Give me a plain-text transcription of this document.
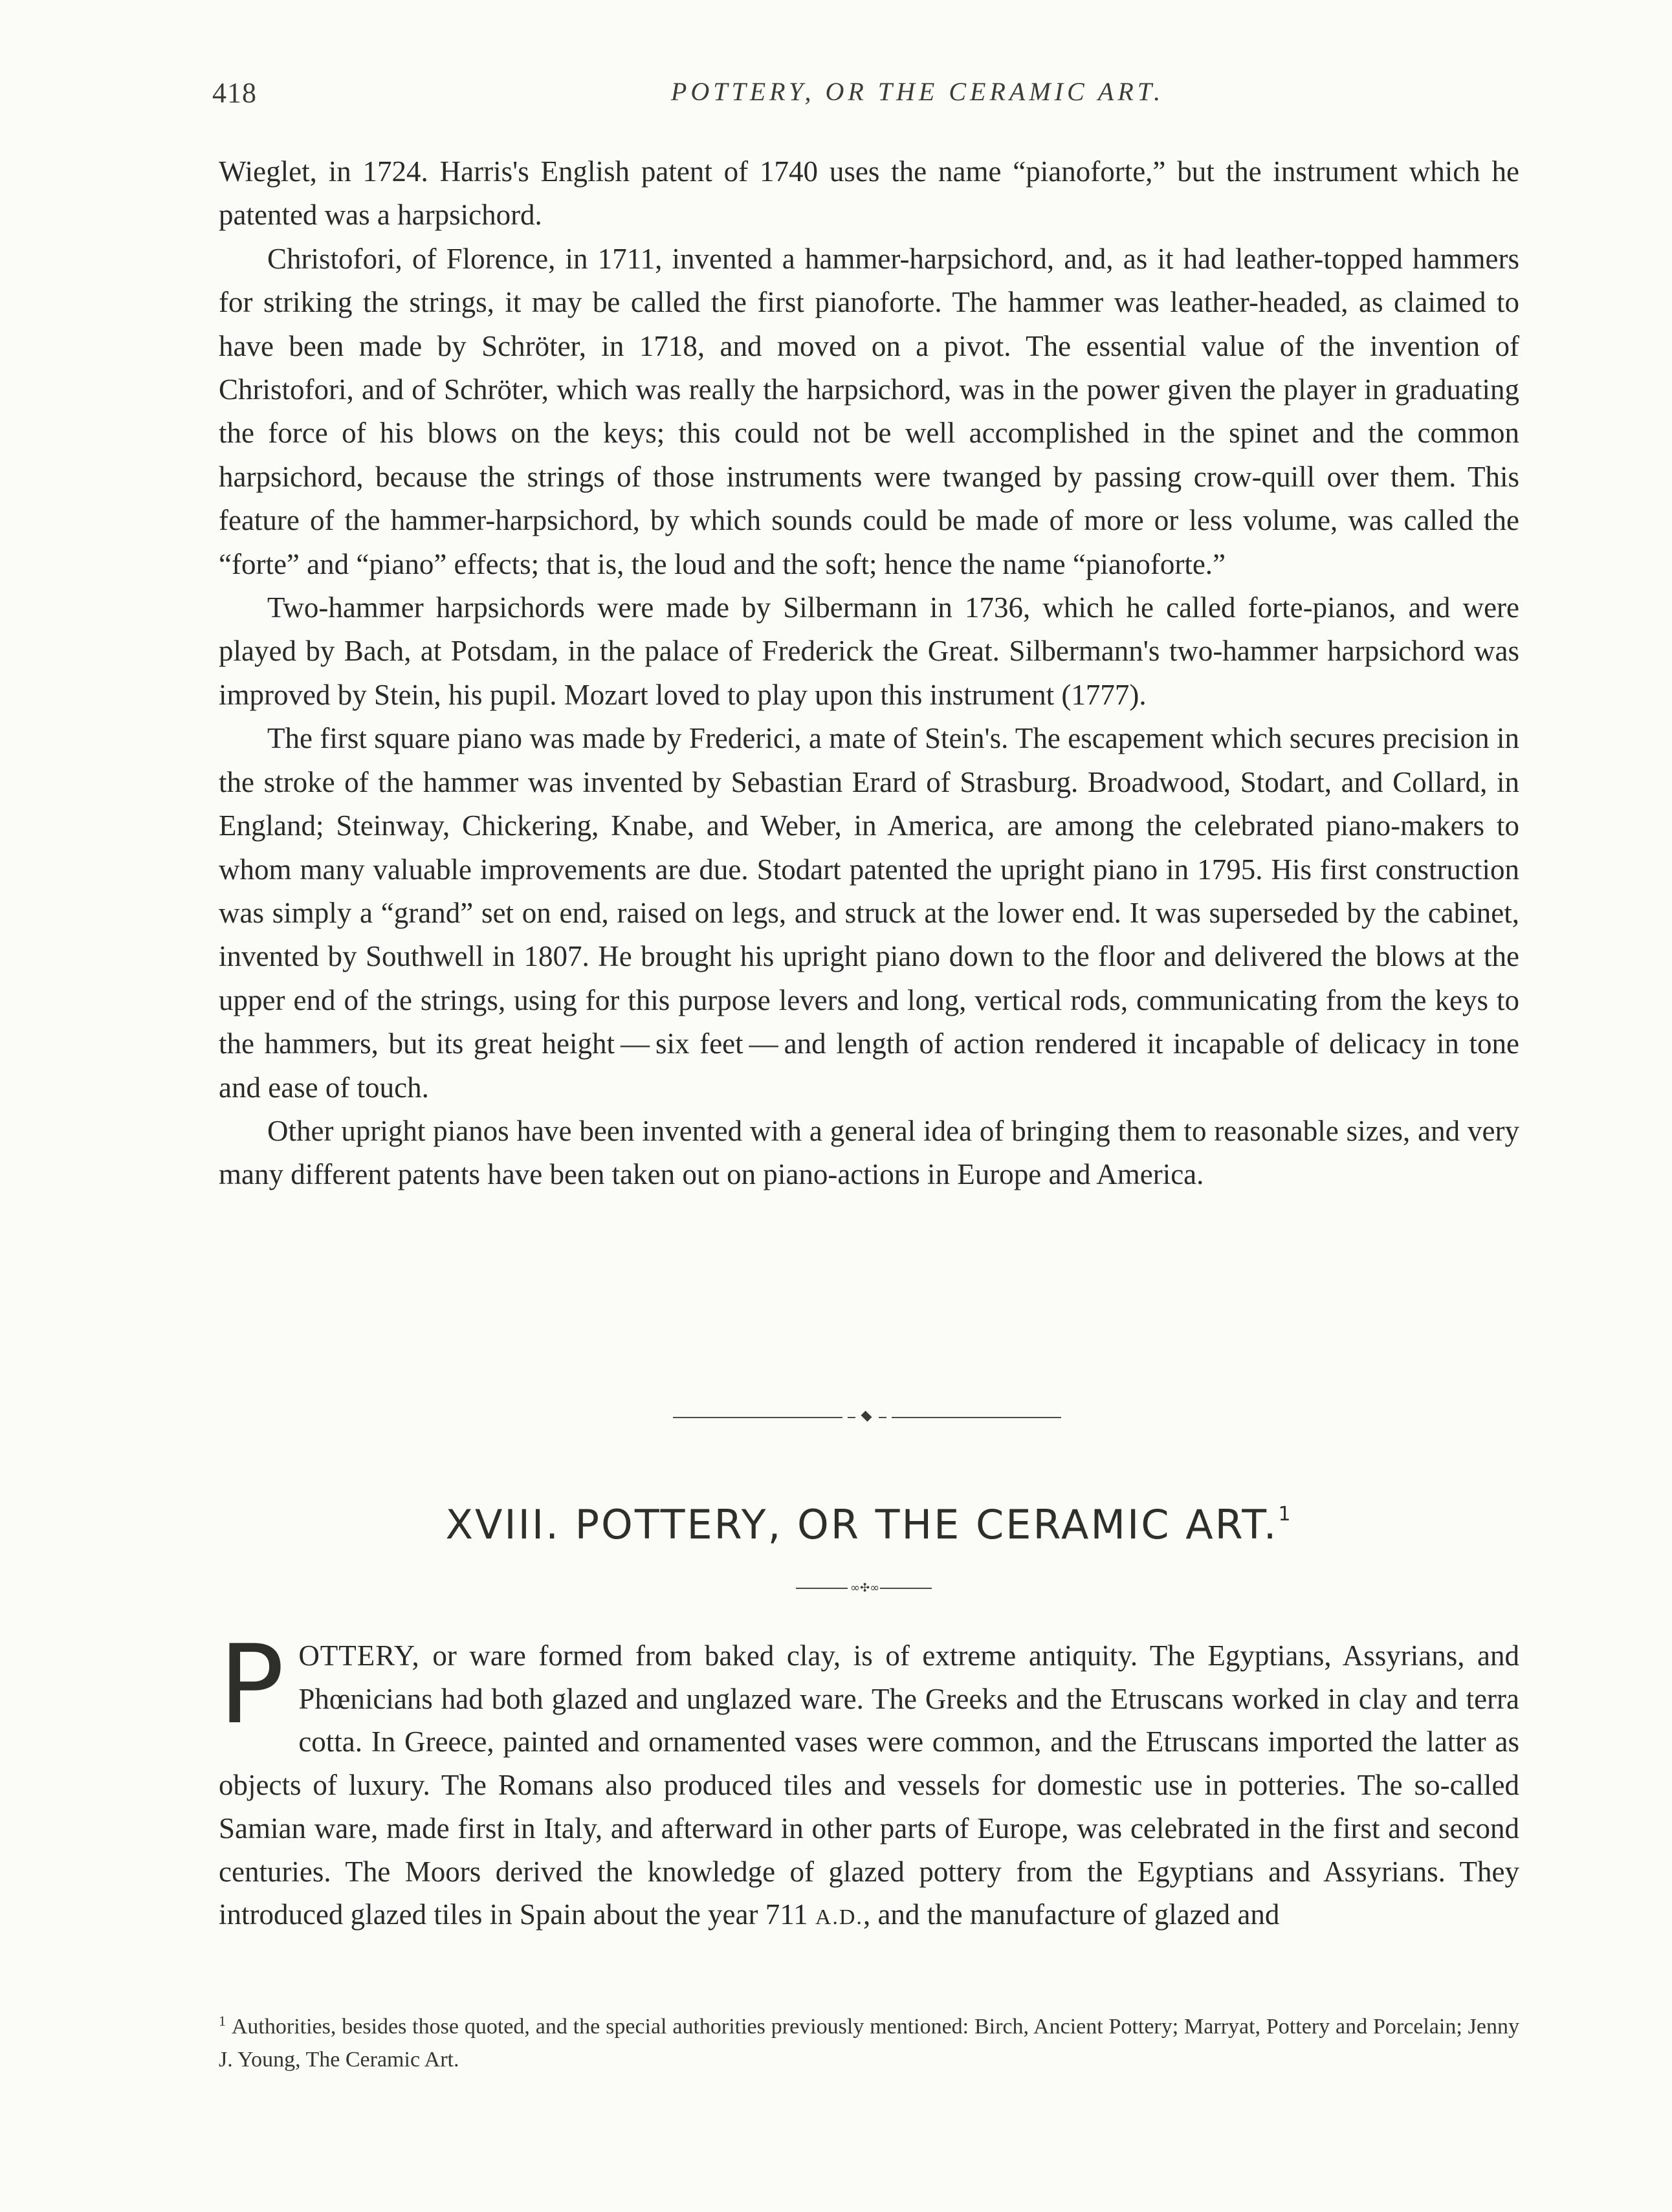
418	POTTERY, OR THE CERAMIC ART.

Wieglet, in 1724. Harris's English patent of 1740 uses the name “pianoforte,” but the instrument which he patented was a harpsichord.

Christofori, of Florence, in 1711, invented a hammer-harpsichord, and, as it had leather-topped hammers for striking the strings, it may be called the first pianoforte. The hammer was leather-headed, as claimed to have been made by Schröter, in 1718, and moved on a pivot. The essential value of the invention of Christofori, and of Schröter, which was really the harpsichord, was in the power given the player in graduating the force of his blows on the keys; this could not be well accomplished in the spinet and the common harpsichord, because the strings of those instruments were twanged by passing crow-quill over them. This feature of the hammer-harpsichord, by which sounds could be made of more or less volume, was called the “forte” and “piano” effects; that is, the loud and the soft; hence the name “pianoforte.”

Two-hammer harpsichords were made by Silbermann in 1736, which he called forte-pianos, and were played by Bach, at Potsdam, in the palace of Frederick the Great. Silbermann's two-hammer harpsichord was improved by Stein, his pupil. Mozart loved to play upon this instrument (1777).

The first square piano was made by Frederici, a mate of Stein's. The escapement which secures precision in the stroke of the hammer was invented by Sebastian Erard of Strasburg. Broadwood, Stodart, and Collard, in England; Steinway, Chickering, Knabe, and Weber, in America, are among the celebrated piano-makers to whom many valuable improvements are due. Stodart patented the upright piano in 1795. His first construction was simply a “grand” set on end, raised on legs, and struck at the lower end. It was superseded by the cabinet, invented by Southwell in 1807. He brought his upright piano down to the floor and delivered the blows at the upper end of the strings, using for this purpose levers and long, vertical rods, communicating from the keys to the hammers, but its great height — six feet — and length of action rendered it incapable of delicacy in tone and ease of touch.

Other upright pianos have been invented with a general idea of bringing them to reasonable sizes, and very many different patents have been taken out on piano-actions in Europe and America.

XVIII. POTTERY, OR THE CERAMIC ART.$^1$
∞✣∞
POTTERY, or ware formed from baked clay, is of extreme antiquity. The Egyptians, Assyrians, and Phœnicians had both glazed and unglazed ware. The Greeks and the Etruscans worked in clay and terra cotta. In Greece, painted and ornamented vases were common, and the Etruscans imported the latter as objects of luxury. The Romans also produced tiles and vessels for domestic use in potteries. The so-called Samian ware, made first in Italy, and afterward in other parts of Europe, was celebrated in the first and second centuries. The Moors derived the knowledge of glazed pottery from the Egyptians and Assyrians. They introduced glazed tiles in Spain about the year 711 A.D., and the manufacture of glazed and
$^1$ Authorities, besides those quoted, and the special authorities previously mentioned: Birch, Ancient Pottery; Marryat, Pottery and Porcelain; Jenny J. Young, The Ceramic Art.
